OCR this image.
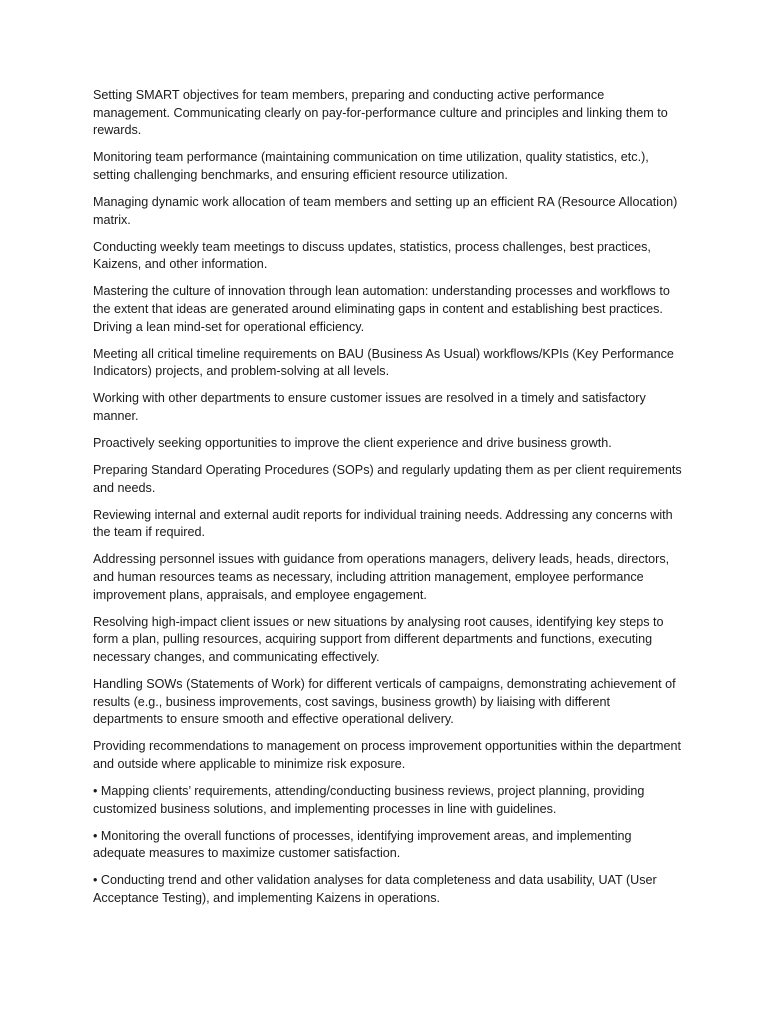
Setting SMART objectives for team members, preparing and conducting active performance management. Communicating clearly on pay-for-performance culture and principles and linking them to rewards.

Monitoring team performance (maintaining communication on time utilization, quality statistics, etc.), setting challenging benchmarks, and ensuring efficient resource utilization.

Managing dynamic work allocation of team members and setting up an efficient RA (Resource Allocation) matrix.

Conducting weekly team meetings to discuss updates, statistics, process challenges, best practices, Kaizens, and other information.

Mastering the culture of innovation through lean automation: understanding processes and workflows to the extent that ideas are generated around eliminating gaps in content and establishing best practices. Driving a lean mind-set for operational efficiency.

Meeting all critical timeline requirements on BAU (Business As Usual) workflows/KPIs (Key Performance Indicators) projects, and problem-solving at all levels.

Working with other departments to ensure customer issues are resolved in a timely and satisfactory manner.

Proactively seeking opportunities to improve the client experience and drive business growth.

Preparing Standard Operating Procedures (SOPs) and regularly updating them as per client requirements and needs.

Reviewing internal and external audit reports for individual training needs. Addressing any concerns with the team if required.

Addressing personnel issues with guidance from operations managers, delivery leads, heads, directors, and human resources teams as necessary, including attrition management, employee performance improvement plans, appraisals, and employee engagement.

Resolving high-impact client issues or new situations by analysing root causes, identifying key steps to form a plan, pulling resources, acquiring support from different departments and functions, executing necessary changes, and communicating effectively.

Handling SOWs (Statements of Work) for different verticals of campaigns, demonstrating achievement of results (e.g., business improvements, cost savings, business growth) by liaising with different departments to ensure smooth and effective operational delivery.

Providing recommendations to management on process improvement opportunities within the department and outside where applicable to minimize risk exposure.

• Mapping clients’ requirements, attending/conducting business reviews, project planning, providing customized business solutions, and implementing processes in line with guidelines.

• Monitoring the overall functions of processes, identifying improvement areas, and implementing adequate measures to maximize customer satisfaction.

• Conducting trend and other validation analyses for data completeness and data usability, UAT (User Acceptance Testing), and implementing Kaizens in operations.
